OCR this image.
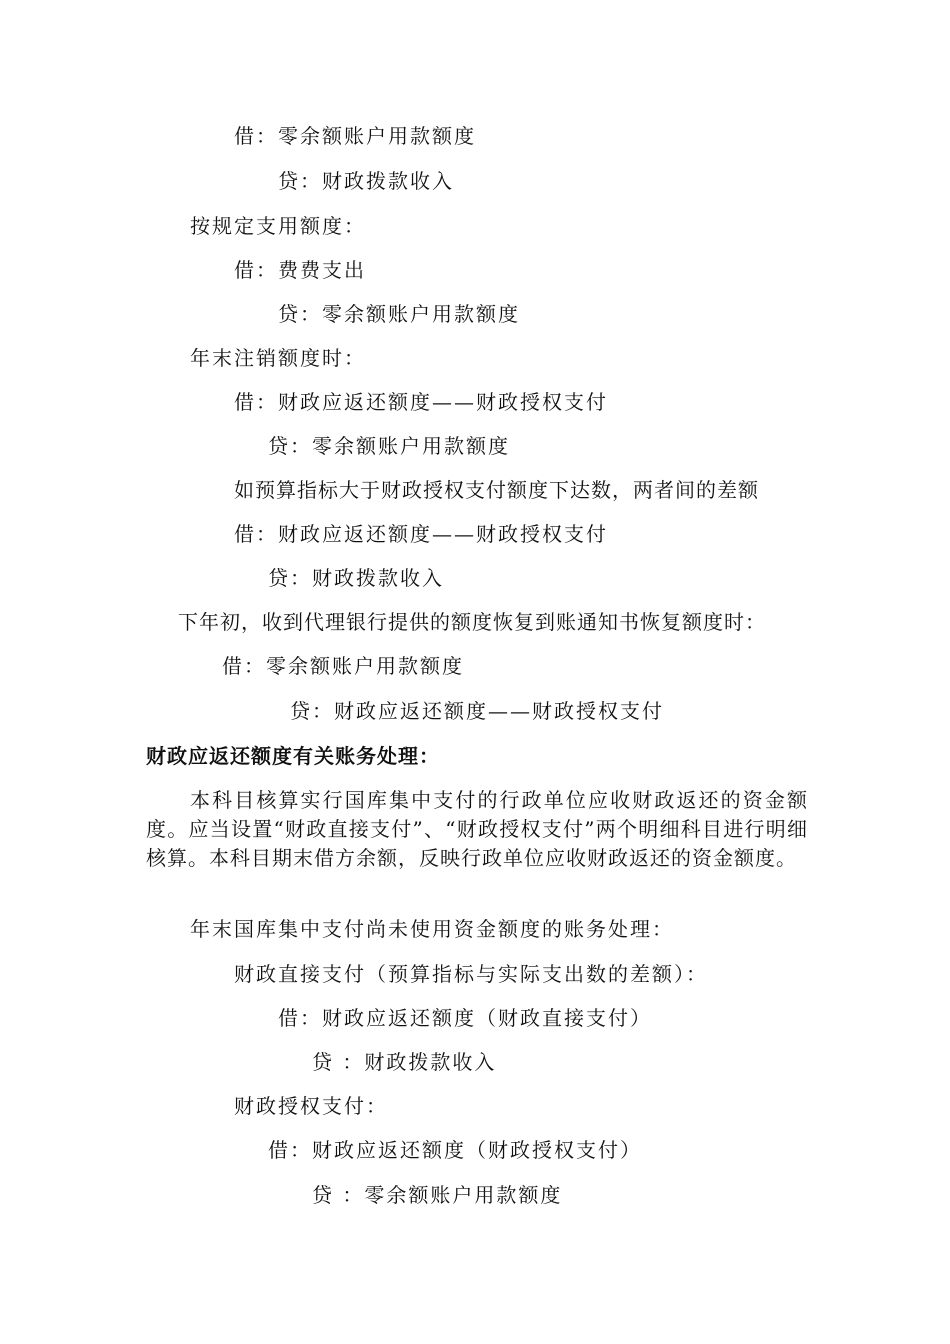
借：零余额账户用款额度
贷：财政拨款收入
按规定支用额度：
借：费费支出
贷：零余额账户用款额度
年末注销额度时：
借：财政应返还额度——财政授权支付
贷：零余额账户用款额度
如预算指标大于财政授权支付额度下达数，两者间的差额
借：财政应返还额度——财政授权支付
贷：财政拨款收入
下年初，收到代理银行提供的额度恢复到账通知书恢复额度时：
借：零余额账户用款额度
贷：财政应返还额度——财政授权支付
财政应返还额度有关账务处理：
本科目核算实行国库集中支付的行政单位应收财政返还的资金额度。应当设置“财政直接支付”、“财政授权支付”两个明细科目进行明细核算。本科目期末借方余额，反映行政单位应收财政返还的资金额度。
年末国库集中支付尚未使用资金额度的账务处理：
财政直接支付（预算指标与实际支出数的差额）：
借：财政应返还额度（财政直接支付）
贷 ：财政拨款收入
财政授权支付：
借：财政应返还额度（财政授权支付）
贷 ：零余额账户用款额度
